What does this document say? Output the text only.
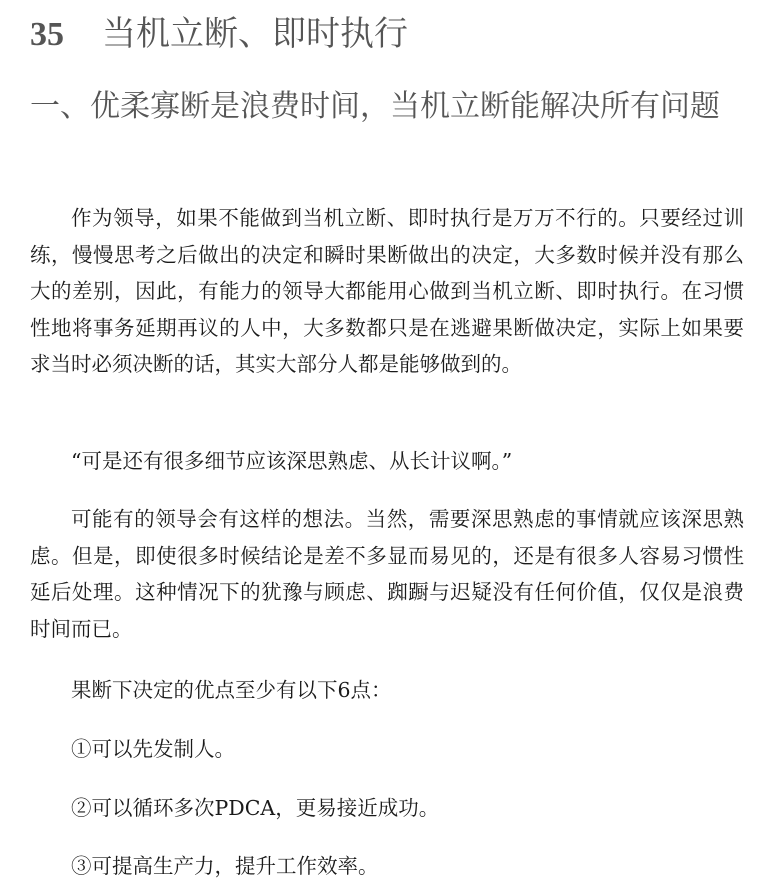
35 当机立断、即时执行
一、优柔寡断是浪费时间，当机立断能解决所有问题

作为领导，如果不能做到当机立断、即时执行是万万不行的。只要经过训练，慢慢思考之后做出的决定和瞬时果断做出的决定，大多数时候并没有那么大的差别，因此，有能力的领导大都能用心做到当机立断、即时执行。在习惯性地将事务延期再议的人中，大多数都只是在逃避果断做决定，实际上如果要求当时必须决断的话，其实大部分人都是能够做到的。

“可是还有很多细节应该深思熟虑、从长计议啊。”

可能有的领导会有这样的想法。当然，需要深思熟虑的事情就应该深思熟虑。但是，即使很多时候结论是差不多显而易见的，还是有很多人容易习惯性延后处理。这种情况下的犹豫与顾虑、踟蹰与迟疑没有任何价值，仅仅是浪费时间而已。

果断下决定的优点至少有以下6点：

①可以先发制人。

②可以循环多次PDCA，更易接近成功。

③可提高生产力，提升工作效率。
